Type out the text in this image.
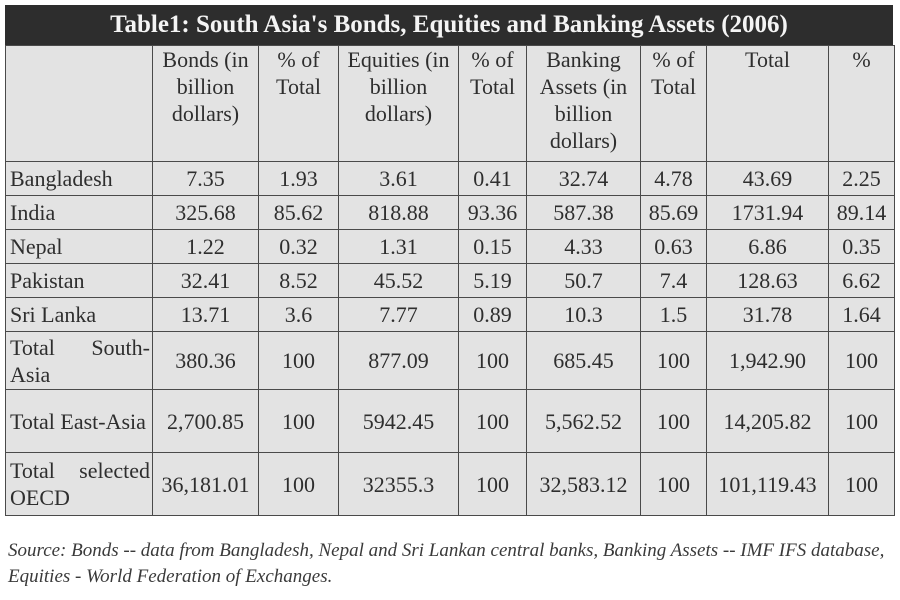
Table1: South Asia's Bonds, Equities and Banking Assets (2006)
	Bonds (in billion dollars)	% of Total	Equities (in billion dollars)	% of Total	Banking Assets (in billion dollars)	% of Total	Total	%
Bangladesh	7.35	1.93	3.61	0.41	32.74	4.78	43.69	2.25
India	325.68	85.62	818.88	93.36	587.38	85.69	1731.94	89.14
Nepal	1.22	0.32	1.31	0.15	4.33	0.63	6.86	0.35
Pakistan	32.41	8.52	45.52	5.19	50.7	7.4	128.63	6.62
Sri Lanka	13.71	3.6	7.77	0.89	10.3	1.5	31.78	1.64
Total South-Asia	380.36	100	877.09	100	685.45	100	1,942.90	100
Total East-Asia	2,700.85	100	5942.45	100	5,562.52	100	14,205.82	100
Total selected OECD	36,181.01	100	32355.3	100	32,583.12	100	101,119.43	100
Source: Bonds -- data from Bangladesh, Nepal and Sri Lankan central banks, Banking Assets -- IMF IFS database, Equities - World Federation of Exchanges.
